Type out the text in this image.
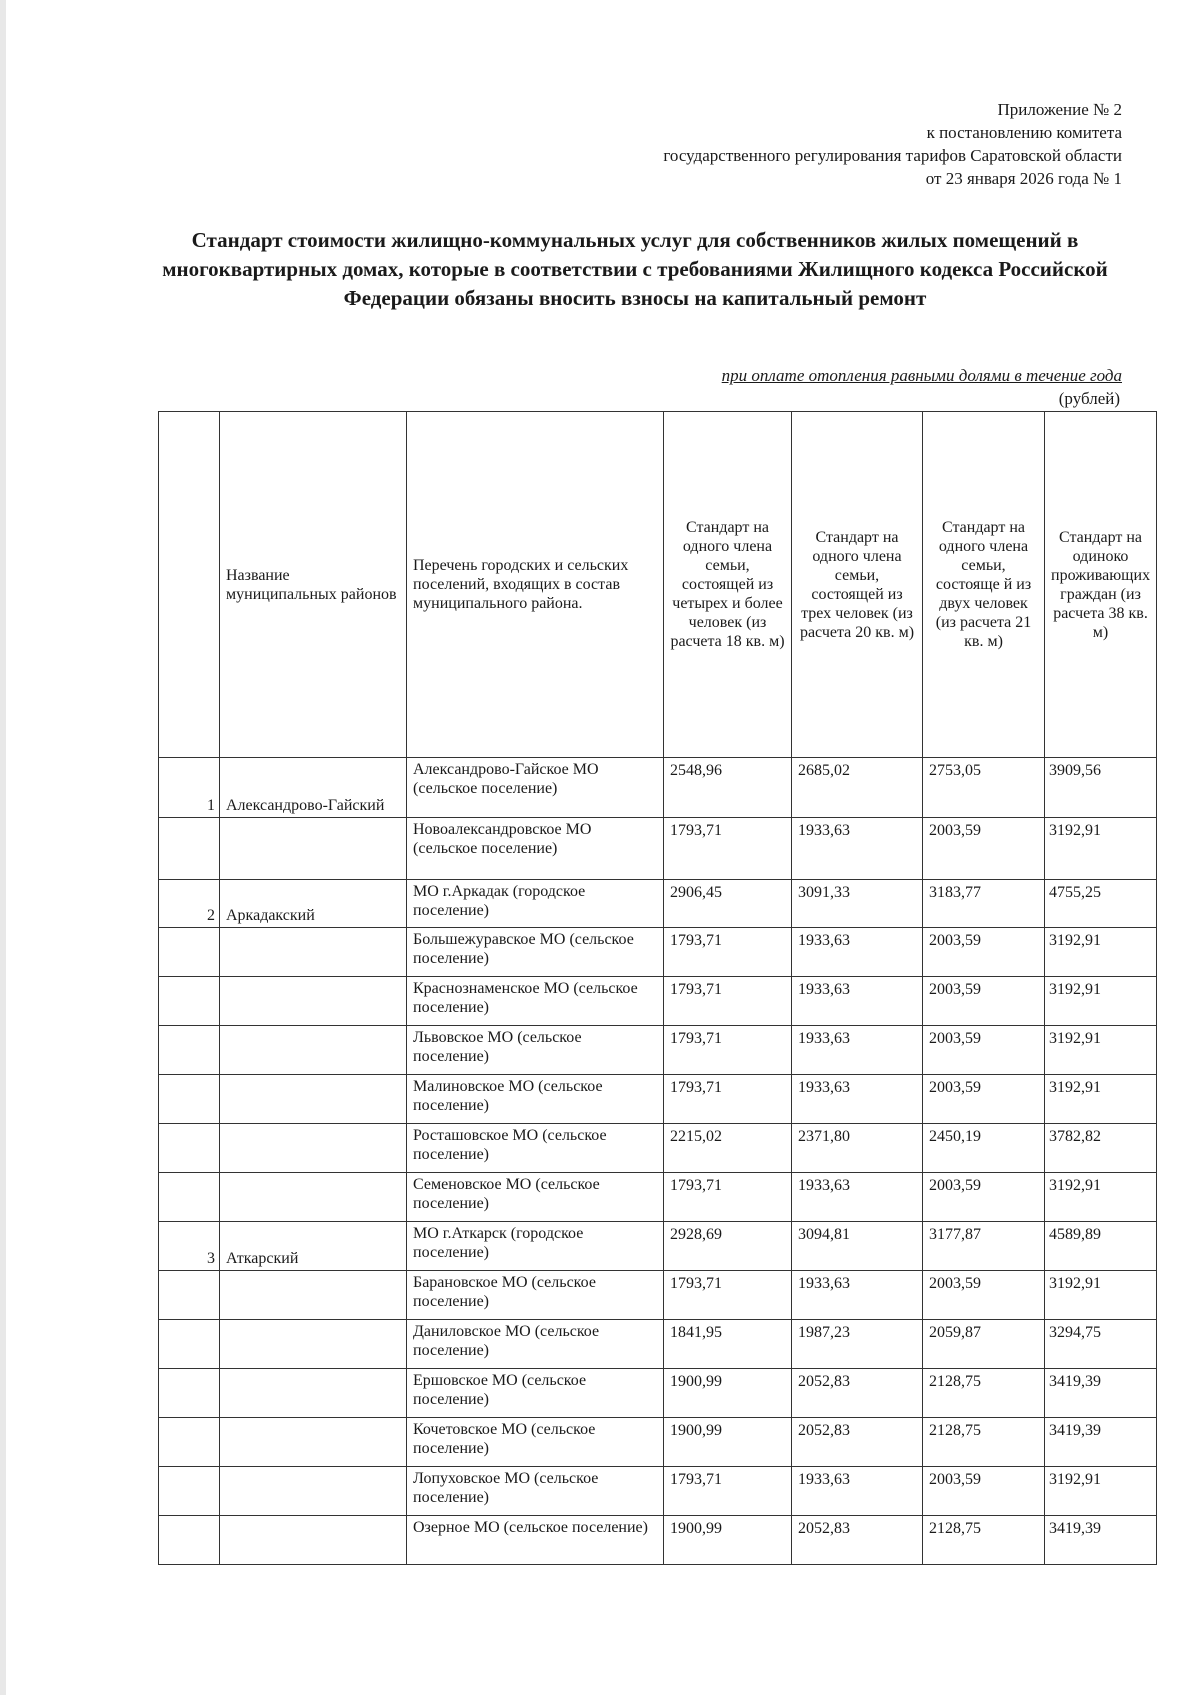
Приложение № 2
к постановлению комитета
государственного регулирования тарифов Саратовской области
от 23 января 2026 года № 1
Стандарт стоимости жилищно-коммунальных услуг для собственников жилых помещений в многоквартирных домах, которые в соответствии с требованиями Жилищного кодекса Российской Федерации обязаны вносить взносы на капитальный ремонт
при оплате отопления равными долями в течение года
(рублей)
	Название муниципальных районов	Перечень городских и сельских поселений, входящих в состав муниципального района.	Стандарт на одного члена семьи, состоящей из четырех и более человек (из расчета 18 кв. м)	Стандарт на одного члена семьи, состоящей из трех человек (из расчета 20 кв. м)	Стандарт на одного члена семьи, состояще й из двух человек (из расчета 21 кв. м)	Стандарт на одиноко проживающих граждан (из расчета 38 кв. м)
1	Александрово-Гайский	Александрово-Гайское МО (сельское поселение)	2548,96	2685,02	2753,05	3909,56
		Новоалександровское МО (сельское поселение)	1793,71	1933,63	2003,59	3192,91
2	Аркадакский	МО г.Аркадак (городское поселение)	2906,45	3091,33	3183,77	4755,25
		Большежуравское МО (сельское поселение)	1793,71	1933,63	2003,59	3192,91
		Краснознаменское МО (сельское поселение)	1793,71	1933,63	2003,59	3192,91
		Львовское МО (сельское поселение)	1793,71	1933,63	2003,59	3192,91
		Малиновское МО (сельское поселение)	1793,71	1933,63	2003,59	3192,91
		Росташовское МО (сельское поселение)	2215,02	2371,80	2450,19	3782,82
		Семеновское МО (сельское поселение)	1793,71	1933,63	2003,59	3192,91
3	Аткарский	МО г.Аткарск (городское поселение)	2928,69	3094,81	3177,87	4589,89
		Барановское МО (сельское поселение)	1793,71	1933,63	2003,59	3192,91
		Даниловское МО (сельское поселение)	1841,95	1987,23	2059,87	3294,75
		Ершовское МО (сельское поселение)	1900,99	2052,83	2128,75	3419,39
		Кочетовское МО (сельское поселение)	1900,99	2052,83	2128,75	3419,39
		Лопуховское МО (сельское поселение)	1793,71	1933,63	2003,59	3192,91
		Озерное МО (сельское поселение)	1900,99	2052,83	2128,75	3419,39
